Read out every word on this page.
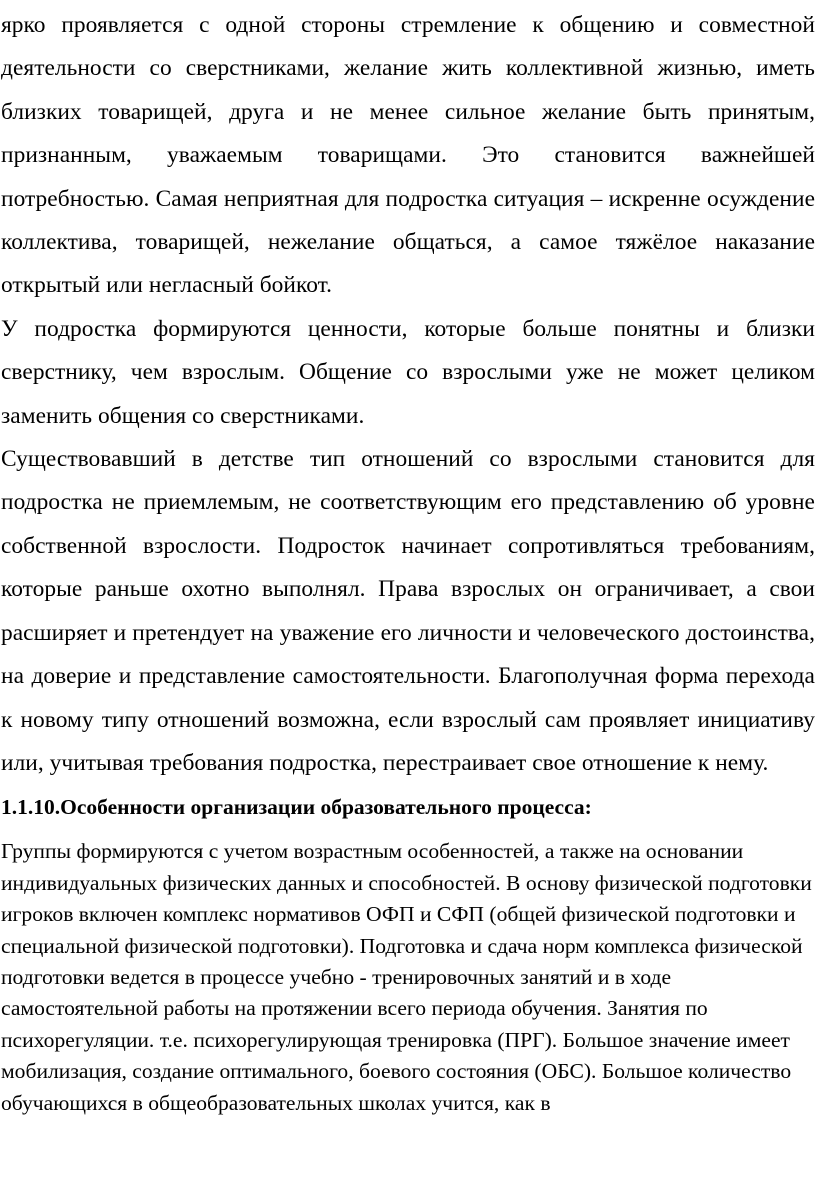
ярко проявляется с одной стороны стремление к общению и совместной деятельности со сверстниками, желание жить коллективной жизнью, иметь близких товарищей, друга и не менее сильное желание быть принятым, признанным, уважаемым товарищами. Это становится важнейшей потребностью. Самая неприятная для подростка ситуация – искренне осуждение коллектива, товарищей, нежелание общаться, а самое тяжёлое наказание открытый или негласный бойкот.

У подростка формируются ценности, которые больше понятны и близки сверстнику, чем взрослым. Общение со взрослыми уже не может целиком заменить общения со сверстниками.

Существовавший в детстве тип отношений со взрослыми становится для подростка не приемлемым, не соответствующим его представлению об уровне собственной взрослости. Подросток начинает сопротивляться требованиям, которые раньше охотно выполнял. Права взрослых он ограничивает, а свои расширяет и претендует на уважение его личности и человеческого достоинства, на доверие и представление самостоятельности. Благополучная форма перехода к новому типу отношений возможна, если взрослый сам проявляет инициативу или, учитывая требования подростка, перестраивает свое отношение к нему.

1.1.10.Особенности организации образовательного процесса:

Группы формируются с учетом возрастным особенностей, а также на основании индивидуальных физических данных и способностей. В основу физической подготовки игроков включен комплекс нормативов ОФП и СФП (общей физической подготовки и специальной физической подготовки). Подготовка и сдача норм комплекса физической подготовки ведется в процессе учебно - тренировочных занятий и в ходе самостоятельной работы на протяжении всего периода обучения. Занятия по психорегуляции. т.е. психорегулирующая тренировка (ПРГ). Большое значение имеет мобилизация, создание оптимального, боевого состояния (ОБС). Большое количество обучающихся в общеобразовательных школах учится, как в
